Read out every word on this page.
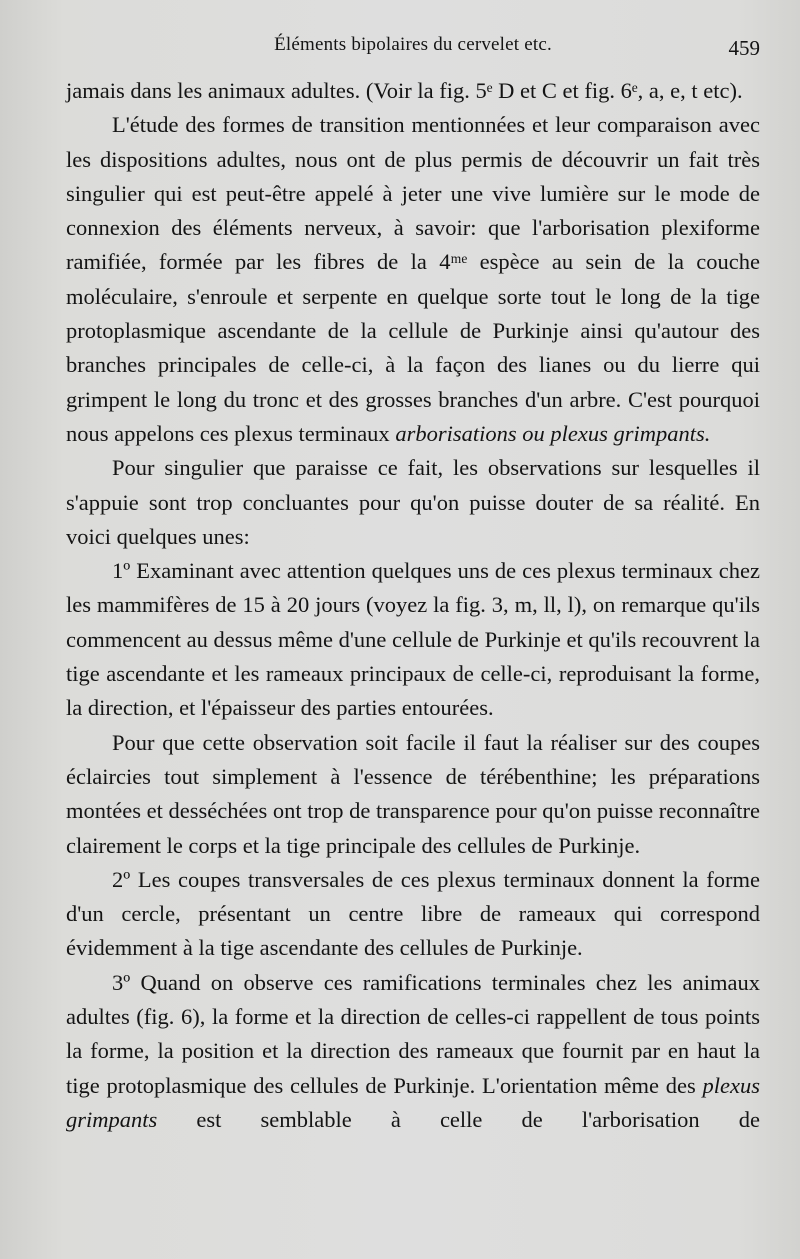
Éléments bipolaires du cervelet etc.	459

jamais dans les animaux adultes. (Voir la fig. 5ᵉ D et C et fig. 6ᵉ, a, e, t etc).

L'étude des formes de transition mentionnées et leur comparaison avec les dispositions adultes, nous ont de plus permis de découvrir un fait très singulier qui est peut-être appelé à jeter une vive lumière sur le mode de connexion des éléments nerveux, à savoir: que l'arborisation plexiforme ramifiée, formée par les fibres de la 4ᵐᵉ espèce au sein de la couche moléculaire, s'enroule et serpente en quelque sorte tout le long de la tige protoplasmique ascendante de la cellule de Purkinje ainsi qu'autour des branches principales de celle-ci, à la façon des lianes ou du lierre qui grimpent le long du tronc et des grosses branches d'un arbre. C'est pourquoi nous appelons ces plexus terminaux arborisations ou plexus grimpants.

Pour singulier que paraisse ce fait, les observations sur lesquelles il s'appuie sont trop concluantes pour qu'on puisse douter de sa réalité. En voici quelques unes:

1º Examinant avec attention quelques uns de ces plexus terminaux chez les mammifères de 15 à 20 jours (voyez la fig. 3, m, ll, l), on remarque qu'ils commencent au dessus même d'une cellule de Purkinje et qu'ils recouvrent la tige ascendante et les rameaux principaux de celle-ci, reproduisant la forme, la direction, et l'épaisseur des parties entourées.

Pour que cette observation soit facile il faut la réaliser sur des coupes éclaircies tout simplement à l'essence de térébenthine; les préparations montées et desséchées ont trop de transparence pour qu'on puisse reconnaître clairement le corps et la tige principale des cellules de Purkinje.

2º Les coupes transversales de ces plexus terminaux donnent la forme d'un cercle, présentant un centre libre de rameaux qui correspond évidemment à la tige ascendante des cellules de Purkinje.

3º Quand on observe ces ramifications terminales chez les animaux adultes (fig. 6), la forme et la direction de celles-ci rappellent de tous points la forme, la position et la direction des rameaux que fournit par en haut la tige protoplasmique des cellules de Purkinje. L'orientation même des plexus grimpants est semblable à celle de l'arborisation de
